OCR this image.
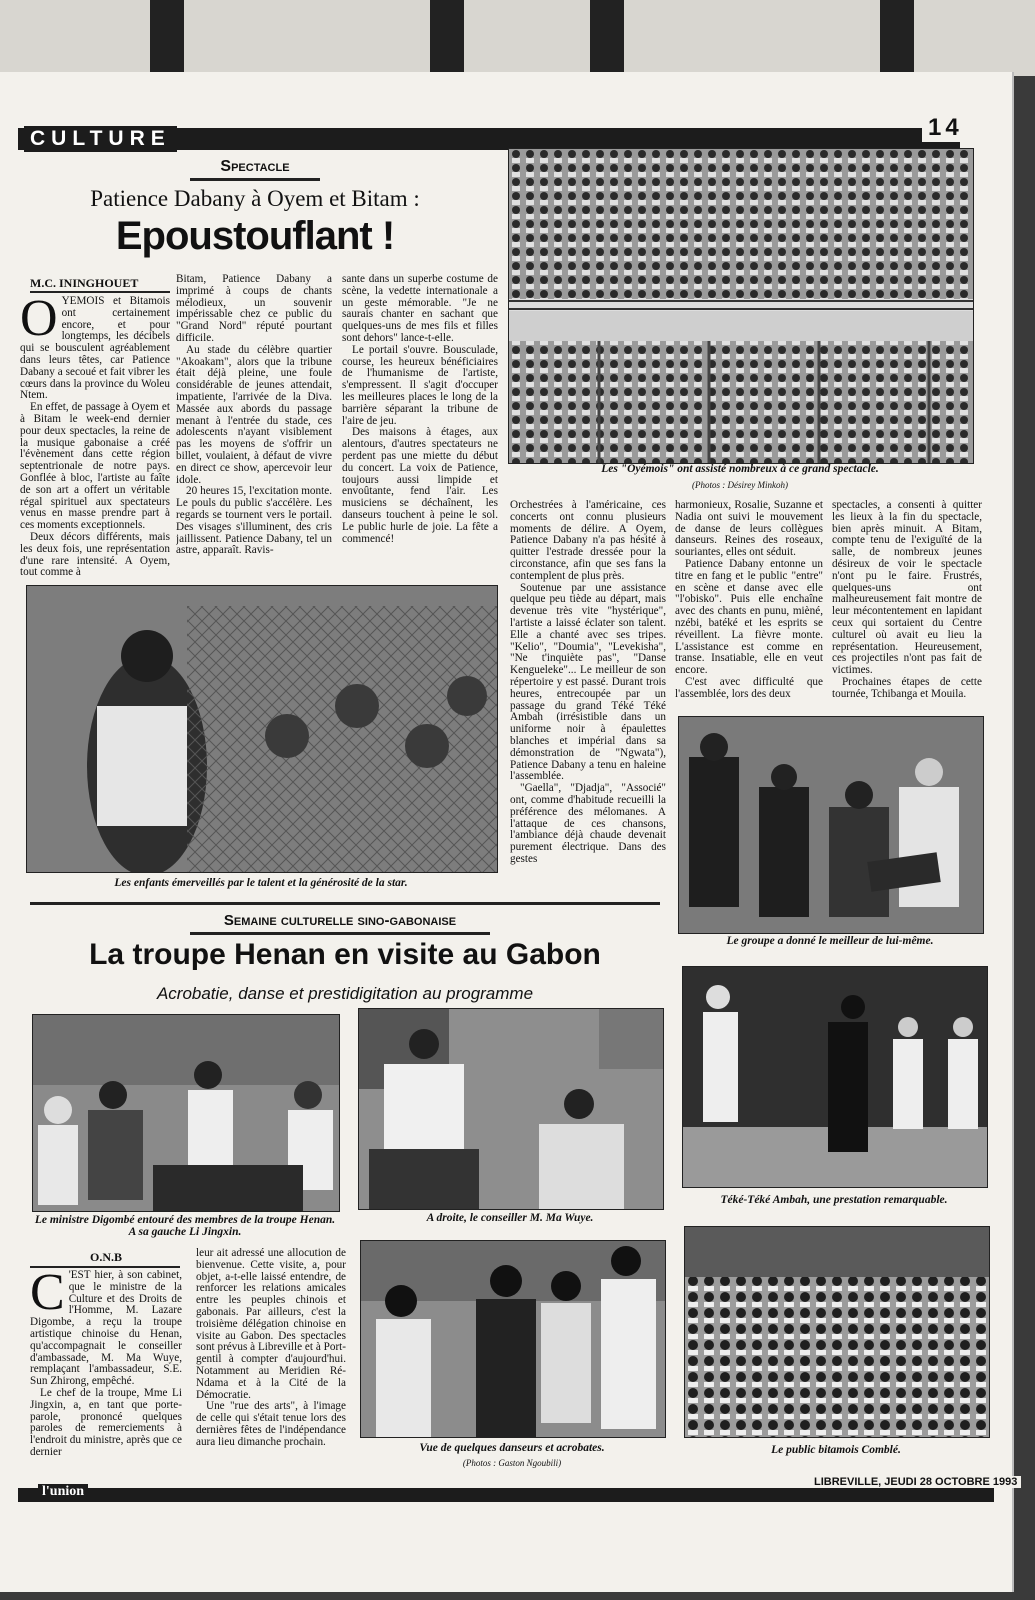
CULTURE	14
Spectacle
Patience Dabany à Oyem et Bitam :
Epoustouflant !
M.C. ININGHOUET
O YEMOIS et Bitamois ont certainement encore, et pour longtemps, les décibels qui se bousculent agréablement dans leurs têtes, car Patience Dabany a secoué et fait vibrer les cœurs dans la province du Woleu Ntem.

En effet, de passage à Oyem et à Bitam le week-end dernier pour deux spectacles, la reine de la musique gabonaise a créé l'évènement dans cette région septentrionale de notre pays. Gonflée à bloc, l'artiste au faîte de son art a offert un véritable régal spirituel aux spectateurs venus en masse prendre part à ces moments exceptionnels.

Deux décors différents, mais les deux fois, une représentation d'une rare intensité. A Oyem, tout comme à

Bitam, Patience Dabany a imprimé à coups de chants mélodieux, un souvenir impérissable chez ce public du "Grand Nord" réputé pourtant difficile.

Au stade du célèbre quartier "Akoakam", alors que la tribune était déjà pleine, une foule considérable de jeunes attendait, impatiente, l'arrivée de la Diva. Massée aux abords du passage menant à l'entrée du stade, ces adolescents n'ayant visiblement pas les moyens de s'offrir un billet, voulaient, à défaut de vivre en direct ce show, apercevoir leur idole.

20 heures 15, l'excitation monte. Le pouls du public s'accélère. Les regards se tournent vers le portail. Des visages s'illuminent, des cris jaillissent. Patience Dabany, tel un astre, apparaît. Ravis-

sante dans un superbe costume de scène, la vedette internationale a un geste mémorable. "Je ne saurais chanter en sachant que quelques-uns de mes fils et filles sont dehors" lance-t-elle.

Le portail s'ouvre. Bousculade, course, les heureux bénéficiaires de l'humanisme de l'artiste, s'empressent. Il s'agit d'occuper les meilleures places le long de la barrière séparant la tribune de l'aire de jeu.

Des maisons à étages, aux alentours, d'autres spectateurs ne perdent pas une miette du début du concert. La voix de Patience, toujours aussi limpide et envoûtante, fend l'air. Les musiciens se déchaînent, les danseurs touchent à peine le sol. Le public hurle de joie. La fête a commencé!

Les "Oyémois" ont assisté nombreux à ce grand spectacle.
(Photos : Désirey Minkoh)
Les enfants émerveillés par le talent et la générosité de la star.

Orchestrées à l'américaine, ces concerts ont connu plusieurs moments de délire. A Oyem, Patience Dabany n'a pas hésité à quitter l'estrade dressée pour la circonstance, afin que ses fans la contemplent de plus près.

Soutenue par une assistance quelque peu tiède au départ, mais devenue très vite "hystérique", l'artiste a laissé éclater son talent. Elle a chanté avec ses tripes. "Kelio", "Doumia", "Levekisha", "Ne t'inquiète pas", "Danse Kengueleke"... Le meilleur de son répertoire y est passé. Durant trois heures, entrecoupée par un passage du grand Téké Téké Ambah (irrésistible dans un uniforme noir à épaulettes blanches et impérial dans sa démonstration de "Ngwata"), Patience Dabany a tenu en haleine l'assemblée.

"Gaella", "Djadja", "Associé" ont, comme d'habitude recueilli la préférence des mélomanes. A l'attaque de ces chansons, l'ambiance déjà chaude devenait purement électrique. Dans des gestes

harmonieux, Rosalie, Suzanne et Nadia ont suivi le mouvement de danse de leurs collègues danseurs. Reines des roseaux, souriantes, elles ont séduit.

Patience Dabany entonne un titre en fang et le public "entre" en scène et danse avec elle "l'obisko". Puis elle enchaîne avec des chants en punu, mièné, nzébi, batéké et les esprits se réveillent. La fièvre monte. L'assistance est comme en transe. Insatiable, elle en veut encore.

C'est avec difficulté que l'assemblée, lors des deux

spectacles, a consenti à quitter les lieux à la fin du spectacle, bien après minuit. A Bitam, compte tenu de l'exiguïté de la salle, de nombreux jeunes désireux de voir le spectacle n'ont pu le faire. Frustrés, quelques-uns ont malheureusement fait montre de leur mécontentement en lapidant ceux qui sortaient du Centre culturel où avait eu lieu la représentation. Heureusement, ces projectiles n'ont pas fait de victimes.

Prochaines étapes de cette tournée, Tchibanga et Mouila.

Le groupe a donné le meilleur de lui-même.
Semaine culturelle sino-gabonaise
La troupe Henan en visite au Gabon
Acrobatie, danse et prestidigitation au programme
Le ministre Digombé entouré des membres de la troupe Henan. A sa gauche Li Jingxin.
A droite, le conseiller M. Ma Wuye.
Téké-Téké Ambah, une prestation remarquable.
O.N.B
C 'EST hier, à son cabinet, que le ministre de la Culture et des Droits de l'Homme, M. Lazare Digombe, a reçu la troupe artistique chinoise du Henan, qu'accompagnait le conseiller d'ambassade, M. Ma Wuye, remplaçant l'ambassadeur, S.E. Sun Zhirong, empêché.

Le chef de la troupe, Mme Li Jingxin, a, en tant que porte-parole, prononcé quelques paroles de remerciements à l'endroit du ministre, après que ce dernier

leur ait adressé une allocution de bienvenue. Cette visite, a, pour objet, a-t-elle laissé entendre, de renforcer les relations amicales entre les peuples chinois et gabonais. Par ailleurs, c'est la troisième délégation chinoise en visite au Gabon. Des spectacles sont prévus à Libreville et à Port-gentil à compter d'aujourd'hui. Notamment au Meridien Ré-Ndama et à la Cité de la Démocratie.

Une "rue des arts", à l'image de celle qui s'était tenue lors des dernières fêtes de l'indépendance aura lieu dimanche prochain.

Vue de quelques danseurs et acrobates.
(Photos : Gaston Ngoubili)
Le public bitamois Comblé.
l'union
LIBREVILLE, JEUDI 28 OCTOBRE 1993
